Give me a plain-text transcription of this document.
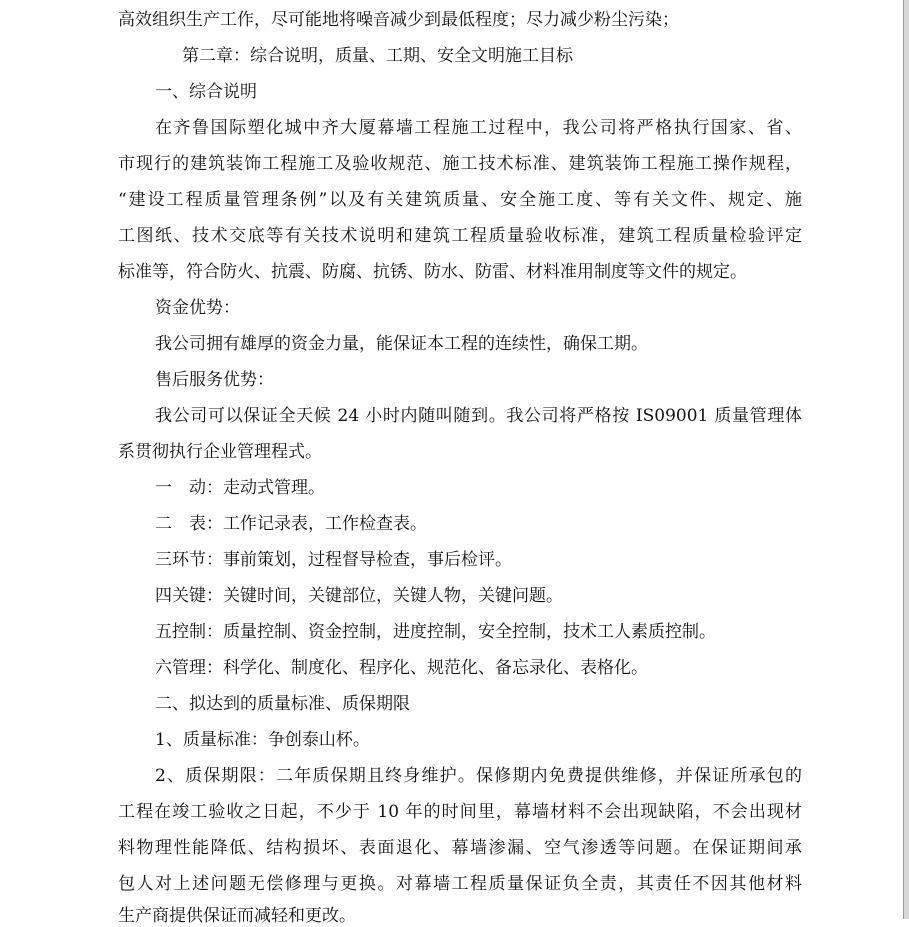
高效组织生产工作，尽可能地将噪音减少到最低程度；尽力减少粉尘污染；
第二章：综合说明，质量、工期、安全文明施工目标
一、综合说明
在齐鲁国际塑化城中齐大厦幕墙工程施工过程中，我公司将严格执行国家、省、
市现行的建筑装饰工程施工及验收规范、施工技术标准、建筑装饰工程施工操作规程，
“建设工程质量管理条例”以及有关建筑质量、安全施工度、等有关文件、规定、施
工图纸、技术交底等有关技术说明和建筑工程质量验收标准，建筑工程质量检验评定
标准等，符合防火、抗震、防腐、抗锈、防水、防雷、材料准用制度等文件的规定。
资金优势：
我公司拥有雄厚的资金力量，能保证本工程的连续性，确保工期。
售后服务优势：
我公司可以保证全天候 24 小时内随叫随到。我公司将严格按 IS09001 质量管理体
系贯彻执行企业管理程式。
一　动：走动式管理。
二　表：工作记录表，工作检查表。
三环节：事前策划，过程督导检查，事后检评。
四关键：关键时间，关键部位，关键人物，关键问题。
五控制：质量控制、资金控制，进度控制，安全控制，技术工人素质控制。
六管理：科学化、制度化、程序化、规范化、备忘录化、表格化。
二、拟达到的质量标准、质保期限
1、质量标准：争创泰山杯。
2、质保期限：二年质保期且终身维护。保修期内免费提供维修，并保证所承包的
工程在竣工验收之日起，不少于 10 年的时间里，幕墙材料不会出现缺陷，不会出现材
料物理性能降低、结构损坏、表面退化、幕墙渗漏、空气渗透等问题。在保证期间承
包人对上述问题无偿修理与更换。对幕墙工程质量保证负全责，其责任不因其他材料
生产商提供保证而减轻和更改。
